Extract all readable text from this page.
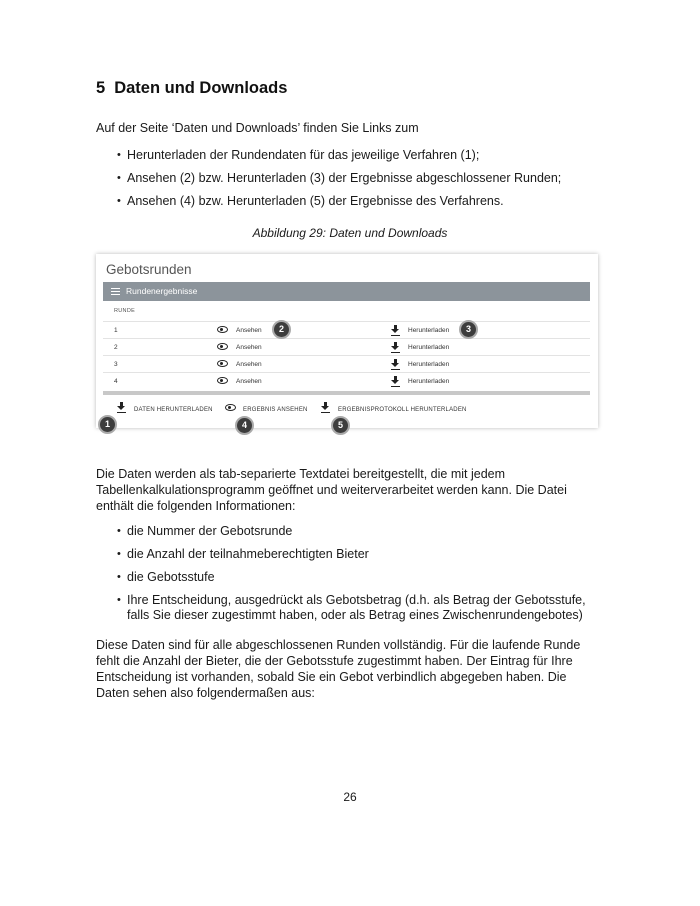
5 Daten und Downloads

Auf der Seite ‘Daten und Downloads’ finden Sie Links zum

• Herunterladen der Rundendaten für das jeweilige Verfahren (1);
• Ansehen (2) bzw. Herunterladen (3) der Ergebnisse abgeschlossener Runden;
• Ansehen (4) bzw. Herunterladen (5) der Ergebnisse des Verfahrens.

Abbildung 29: Daten und Downloads

Gebotsrunden
Rundenergebnisse
RUNDE
1	Ansehen	Herunterladen
2	Ansehen	Herunterladen
3	Ansehen	Herunterladen
4	Ansehen	Herunterladen
DATEN HERUNTERLADEN	ERGEBNIS ANSEHEN	ERGEBNISPROTOKOLL HERUNTERLADEN
2	3
1	4	5

Die Daten werden als tab-separierte Textdatei bereitgestellt, die mit jedem Tabellenkalkulationsprogramm geöffnet und weiterverarbeitet werden kann. Die Datei enthält die folgenden Informationen:

• die Nummer der Gebotsrunde
• die Anzahl der teilnahmeberechtigten Bieter
• die Gebotsstufe
• Ihre Entscheidung, ausgedrückt als Gebotsbetrag (d.h. als Betrag der Gebotsstufe, falls Sie dieser zugestimmt haben, oder als Betrag eines Zwischenrundengebotes)

Diese Daten sind für alle abgeschlossenen Runden vollständig. Für die laufende Runde fehlt die Anzahl der Bieter, die der Gebotsstufe zugestimmt haben. Der Eintrag für Ihre Entscheidung ist vorhanden, sobald Sie ein Gebot verbindlich abgegeben haben. Die Daten sehen also folgendermaßen aus:

26
